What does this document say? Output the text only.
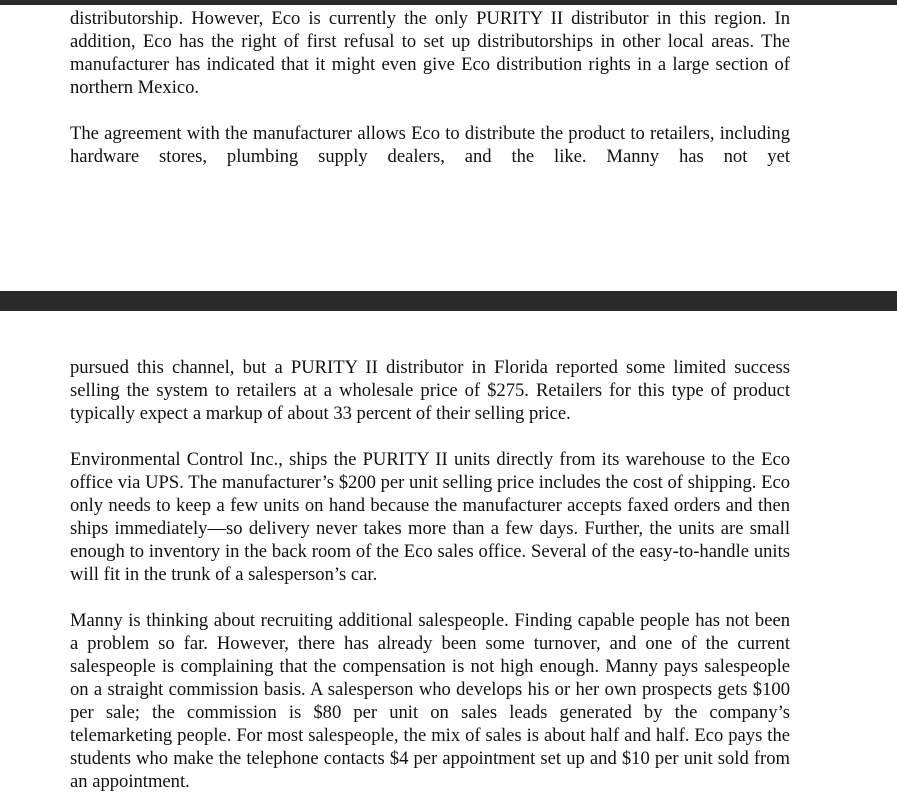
distributorship. However, Eco is currently the only PURITY II distributor in this region. In addition, Eco has the right of first refusal to set up distributorships in other local areas. The manufacturer has indicated that it might even give Eco distribution rights in a large section of northern Mexico.

The agreement with the manufacturer allows Eco to distribute the product to retailers, including hardware stores, plumbing supply dealers, and the like. Manny has not yet

pursued this channel, but a PURITY II distributor in Florida reported some limited success selling the system to retailers at a wholesale price of $275. Retailers for this type of product typically expect a markup of about 33 percent of their selling price.

Environmental Control Inc., ships the PURITY II units directly from its warehouse to the Eco office via UPS. The manufacturer’s $200 per unit selling price includes the cost of shipping. Eco only needs to keep a few units on hand because the manufacturer accepts faxed orders and then ships immediately—so delivery never takes more than a few days. Further, the units are small enough to inventory in the back room of the Eco sales office. Several of the easy-to-handle units will fit in the trunk of a salesperson’s car.

Manny is thinking about recruiting additional salespeople. Finding capable people has not been a problem so far. However, there has already been some turnover, and one of the current salespeople is complaining that the compensation is not high enough. Manny pays salespeople on a straight commission basis. A salesperson who develops his or her own prospects gets $100 per sale; the commission is $80 per unit on sales leads generated by the company’s telemarketing people. For most salespeople, the mix of sales is about half and half. Eco pays the students who make the telephone contacts $4 per appointment set up and $10 per unit sold from an appointment.
